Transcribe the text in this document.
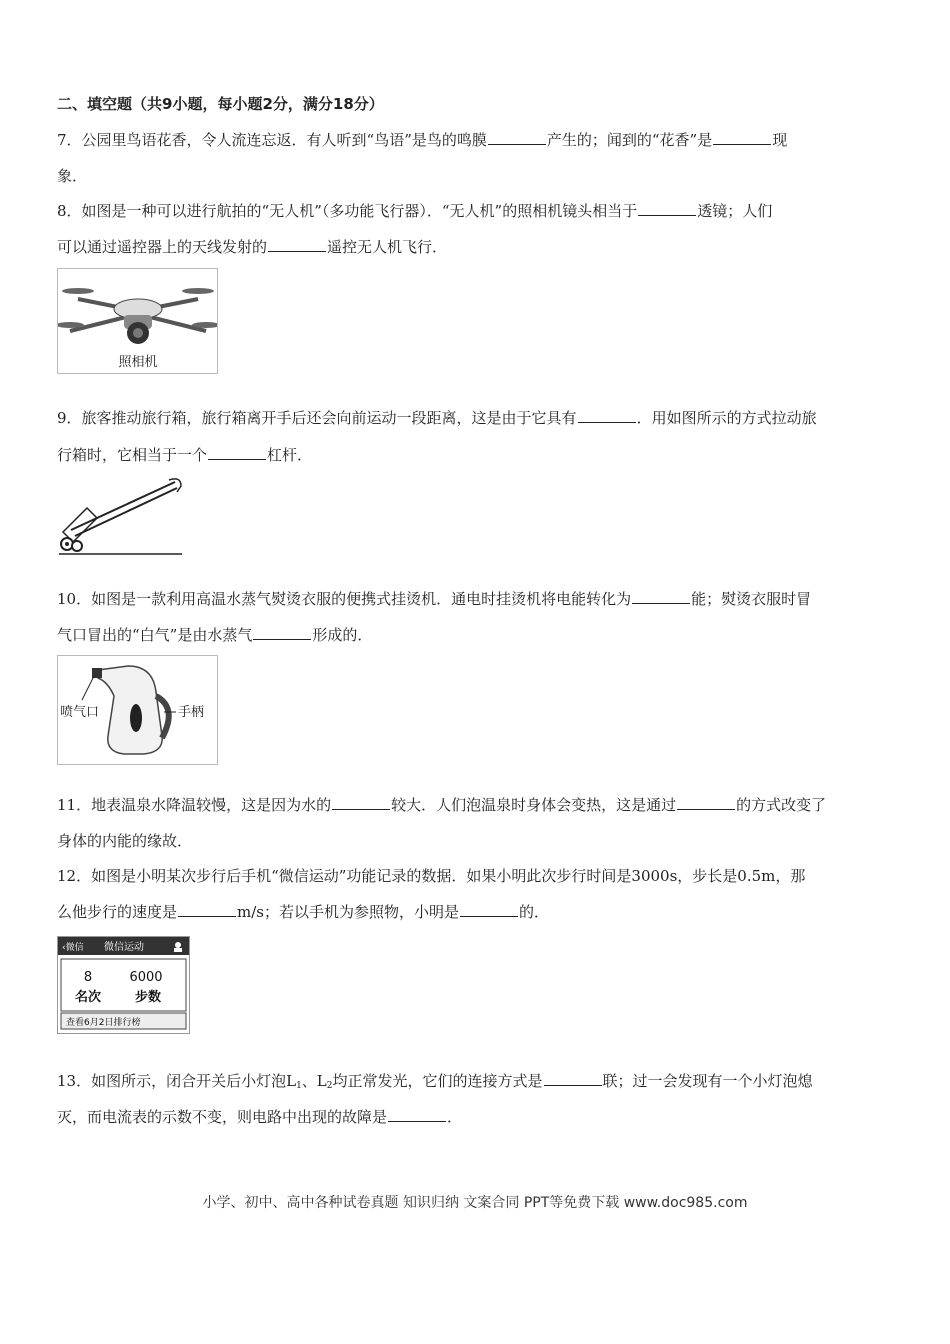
二、填空题（共9小题，每小题2分，满分18分）
7．公园里鸟语花香，令人流连忘返．有人听到“鸟语”是鸟的鸣膜	产生的；闻到的“花香”是	现
象．
8．如图是一种可以进行航拍的“无人机”（多功能飞行器）．“无人机”的照相机镜头相当于	透镜；人们
可以通过遥控器上的天线发射的	遥控无人机飞行．
照相机
9．旅客推动旅行箱，旅行箱离开手后还会向前运动一段距离，这是由于它具有	．用如图所示的方式拉动旅
行箱时，它相当于一个	杠杆．
10．如图是一款利用高温水蒸气熨烫衣服的便携式挂烫机．通电时挂烫机将电能转化为	能；熨烫衣服时冒
气口冒出的“白气”是由水蒸气	形成的．
喷气口	手柄
11．地表温泉水降温较慢，这是因为水的	较大．人们泡温泉时身体会变热，这是通过	的方式改变了
身体的内能的缘故．
12．如图是小明某次步行后手机“微信运动”功能记录的数据．如果小明此次步行时间是3000s，步长是0.5m，那
么他步行的速度是	m/s；若以手机为参照物，小明是	的．
‹微信 微信运动
8	6000
名次	步数
查看6月2日排行榜
13．如图所示，闭合开关后小灯泡$L_1$、$L_2$均正常发光，它们的连接方式是	联；过一会发现有一个小灯泡熄
灭，而电流表的示数不变，则电路中出现的故障是	．
小学、初中、高中各种试卷真题 知识归纳 文案合同 PPT等免费下载 www.doc985.com
